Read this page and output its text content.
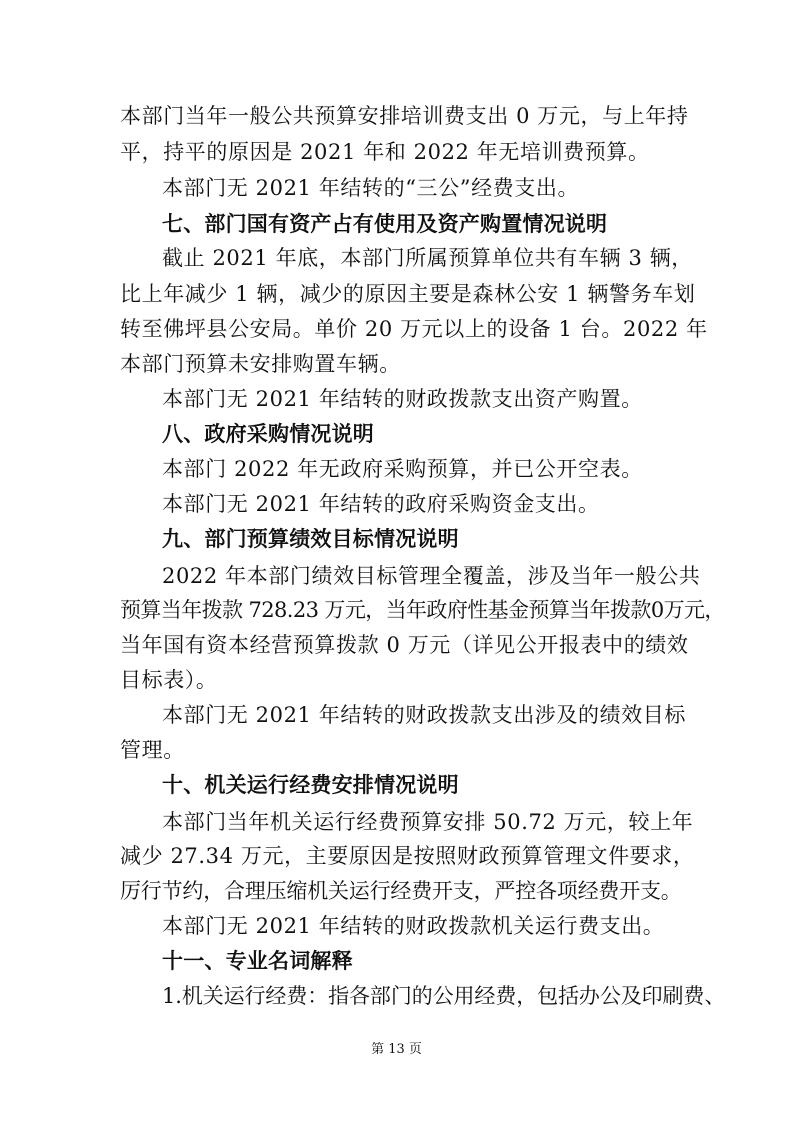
本部门当年一般公共预算安排培训费支出 0 万元，与上年持
平，持平的原因是 2021 年和 2022 年无培训费预算。
本部门无 2021 年结转的“三公”经费支出。
七、部门国有资产占有使用及资产购置情况说明
截止 2021 年底，本部门所属预算单位共有车辆 3 辆，
比上年减少 1 辆，减少的原因主要是森林公安 1 辆警务车划
转至佛坪县公安局。单价 20 万元以上的设备 1 台。2022 年
本部门预算未安排购置车辆。
本部门无 2021 年结转的财政拨款支出资产购置。
八、政府采购情况说明
本部门 2022 年无政府采购预算，并已公开空表。
本部门无 2021 年结转的政府采购资金支出。
九、部门预算绩效目标情况说明
2022 年本部门绩效目标管理全覆盖，涉及当年一般公共
预算当年拨款 728.23 万元，当年政府性基金预算当年拨款0万元，
当年国有资本经营预算拨款 0 万元（详见公开报表中的绩效
目标表）。
本部门无 2021 年结转的财政拨款支出涉及的绩效目标
管理。
十、机关运行经费安排情况说明
本部门当年机关运行经费预算安排 50.72 万元，较上年
减少 27.34 万元，主要原因是按照财政预算管理文件要求，
厉行节约，合理压缩机关运行经费开支，严控各项经费开支。
本部门无 2021 年结转的财政拨款机关运行费支出。
十一、专业名词解释
1.机关运行经费：指各部门的公用经费，包括办公及印刷费、
第 13 页
